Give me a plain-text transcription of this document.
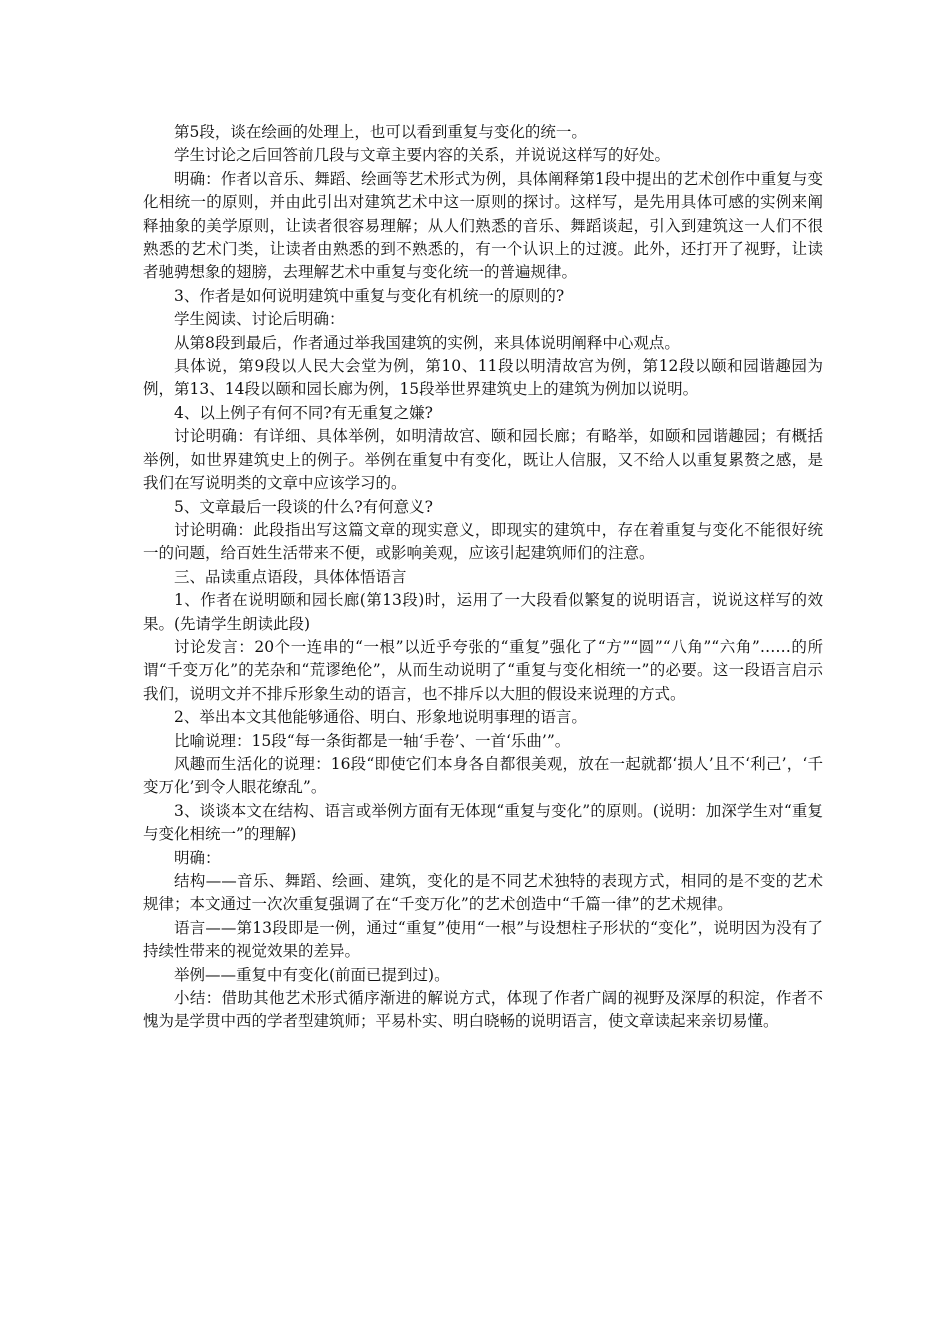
第5段，谈在绘画的处理上，也可以看到重复与变化的统一。

学生讨论之后回答前几段与文章主要内容的关系，并说说这样写的好处。

明确：作者以音乐、舞蹈、绘画等艺术形式为例，具体阐释第1段中提出的艺术创作中重复与变化相统一的原则，并由此引出对建筑艺术中这一原则的探讨。这样写，是先用具体可感的实例来阐释抽象的美学原则，让读者很容易理解；从人们熟悉的音乐、舞蹈谈起，引入到建筑这一人们不很熟悉的艺术门类，让读者由熟悉的到不熟悉的，有一个认识上的过渡。此外，还打开了视野，让读者驰骋想象的翅膀，去理解艺术中重复与变化统一的普遍规律。

3、作者是如何说明建筑中重复与变化有机统一的原则的?

学生阅读、讨论后明确：

从第8段到最后，作者通过举我国建筑的实例，来具体说明阐释中心观点。

具体说，第9段以人民大会堂为例，第10、11段以明清故宫为例，第12段以颐和园谐趣园为例，第13、14段以颐和园长廊为例，15段举世界建筑史上的建筑为例加以说明。

4、以上例子有何不同?有无重复之嫌?

讨论明确：有详细、具体举例，如明清故宫、颐和园长廊；有略举，如颐和园谐趣园；有概括举例，如世界建筑史上的例子。举例在重复中有变化，既让人信服，又不给人以重复累赘之感，是我们在写说明类的文章中应该学习的。

5、文章最后一段谈的什么?有何意义?

讨论明确：此段指出写这篇文章的现实意义，即现实的建筑中，存在着重复与变化不能很好统一的问题，给百姓生活带来不便，或影响美观，应该引起建筑师们的注意。

三、品读重点语段，具体体悟语言

1、作者在说明颐和园长廊(第13段)时，运用了一大段看似繁复的说明语言，说说这样写的效果。(先请学生朗读此段)

讨论发言：20个一连串的“一根”以近乎夸张的“重复”强化了“方”“圆”“八角”“六角”……的所谓“千变万化”的芜杂和“荒谬绝伦”，从而生动说明了“重复与变化相统一”的必要。这一段语言启示我们，说明文并不排斥形象生动的语言，也不排斥以大胆的假设来说理的方式。

2、举出本文其他能够通俗、明白、形象地说明事理的语言。

比喻说理：15段“每一条街都是一轴‘手卷’、一首‘乐曲’”。

风趣而生活化的说理：16段“即使它们本身各自都很美观，放在一起就都‘损人’且不‘利己’，‘千变万化’到令人眼花缭乱”。

3、谈谈本文在结构、语言或举例方面有无体现“重复与变化”的原则。(说明：加深学生对“重复与变化相统一”的理解)

明确：

结构——音乐、舞蹈、绘画、建筑，变化的是不同艺术独特的表现方式，相同的是不变的艺术规律；本文通过一次次重复强调了在“千变万化”的艺术创造中“千篇一律”的艺术规律。

语言——第13段即是一例，通过“重复”使用“一根”与设想柱子形状的“变化”，说明因为没有了持续性带来的视觉效果的差异。

举例——重复中有变化(前面已提到过)。

小结：借助其他艺术形式循序渐进的解说方式，体现了作者广阔的视野及深厚的积淀，作者不愧为是学贯中西的学者型建筑师；平易朴实、明白晓畅的说明语言，使文章读起来亲切易懂。
